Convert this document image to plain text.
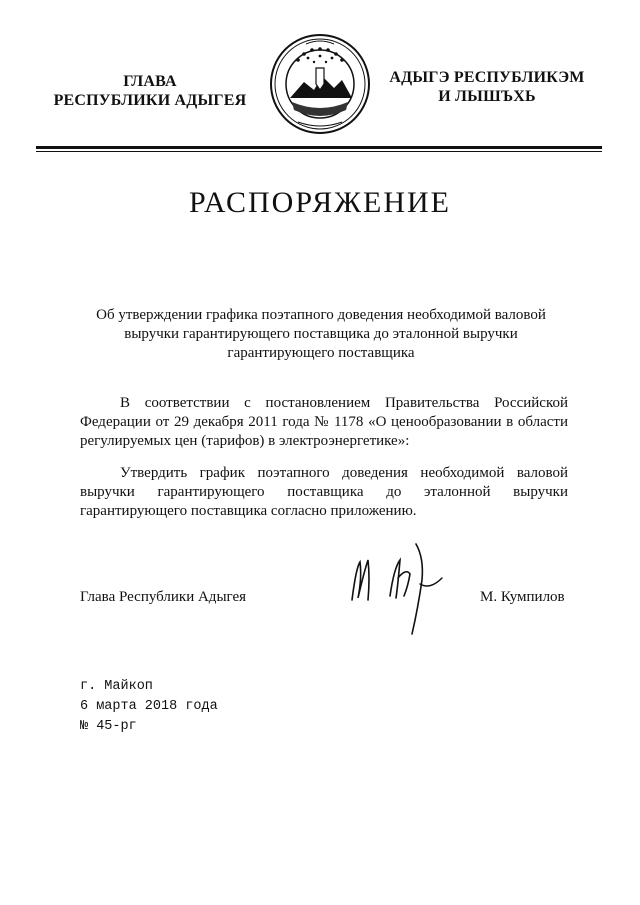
ГЛАВА
РЕСПУБЛИКИ АДЫГЕЯ
АДЫГЭ РЕСПУБЛИКЭМ
И ЛЫШЪХЬ
РАСПОРЯЖЕНИЕ
Об утверждении графика поэтапного доведения необходимой валовой выручки гарантирующего поставщика до эталонной выручки гарантирующего поставщика
В соответствии с постановлением Правительства Российской Федерации от 29 декабря 2011 года № 1178 «О ценообразовании в области регулируемых цен (тарифов) в электроэнергетике»:
Утвердить график поэтапного доведения необходимой валовой выручки гарантирующего поставщика до эталонной выручки гарантирующего поставщика согласно приложению.
Глава Республики Адыгея	М. Кумпилов
г. Майкоп
6 марта 2018 года
№ 45-рг
